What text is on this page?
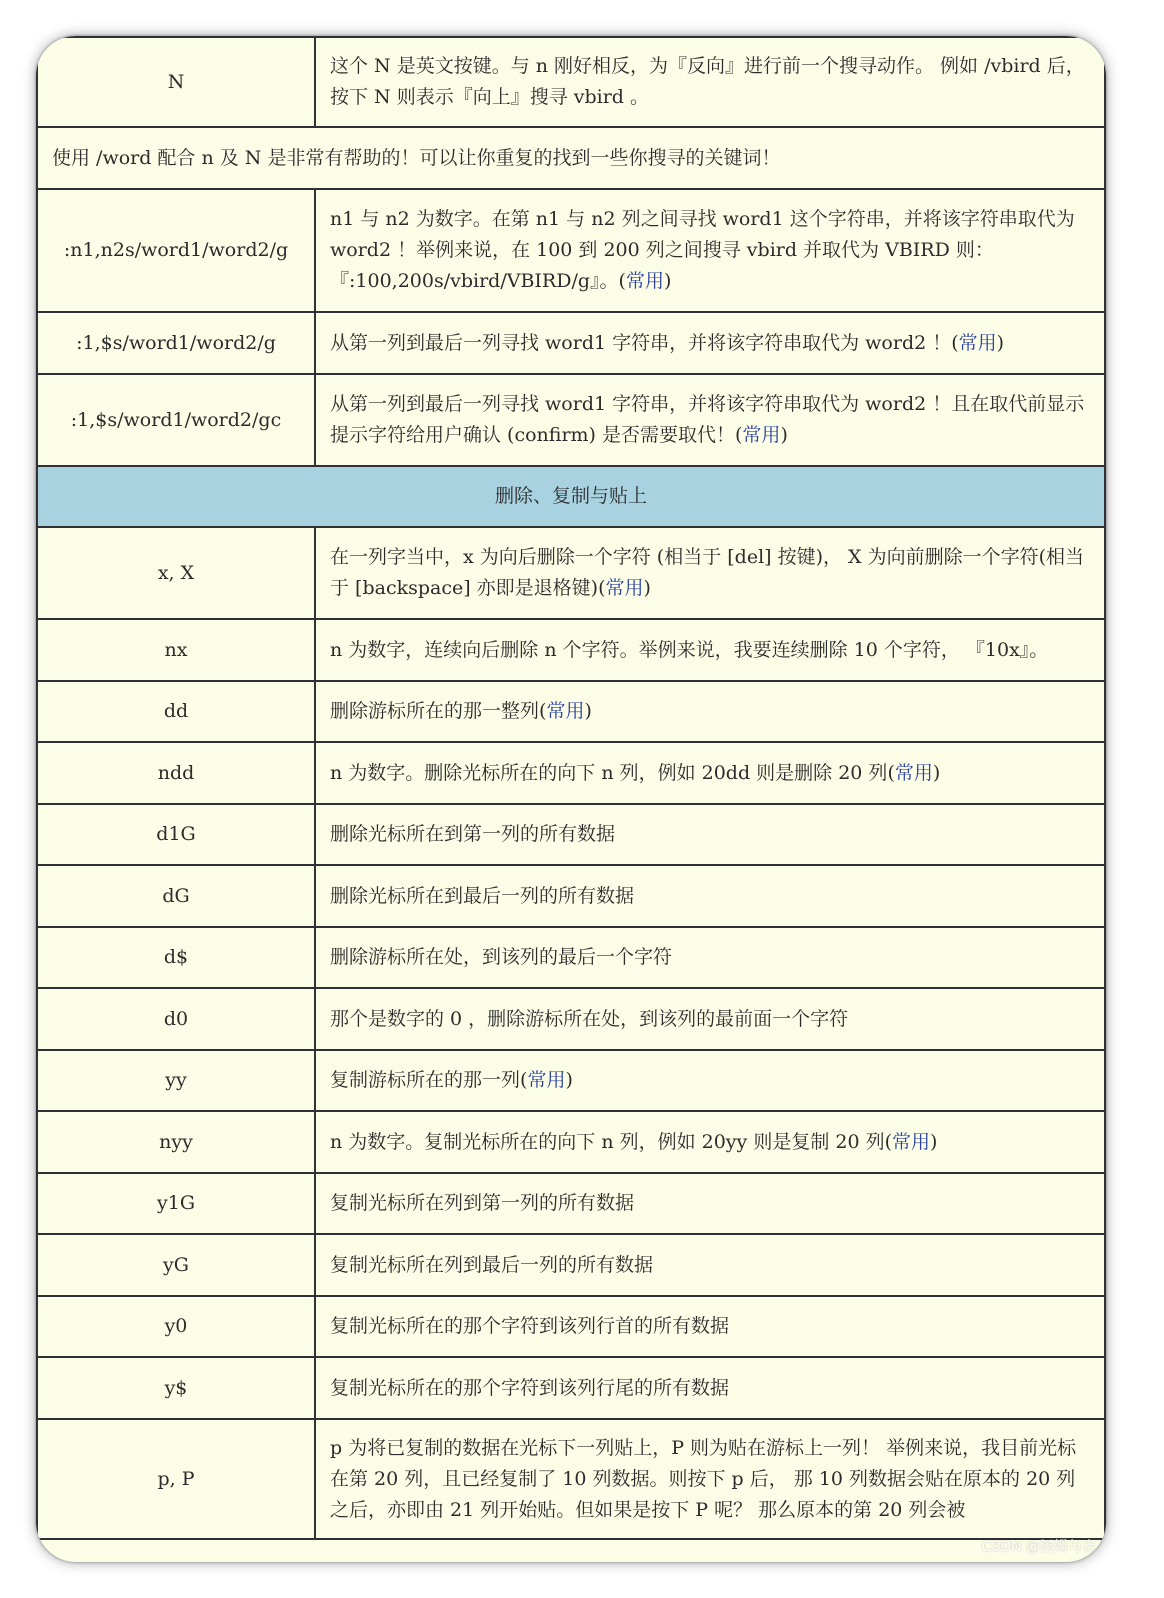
N	这个 N 是英文按键。与 n 刚好相反，为『反向』进行前一个搜寻动作。 例如 /vbird 后，按下 N 则表示『向上』搜寻 vbird 。
使用 /word 配合 n 及 N 是非常有帮助的！可以让你重复的找到一些你搜寻的关键词！	
:n1,n2s/word1/word2/g	n1 与 n2 为数字。在第 n1 与 n2 列之间寻找 word1 这个字符串，并将该字符串取代为 word2 ！举例来说，在 100 到 200 列之间搜寻 vbird 并取代为 VBIRD 则：『:100,200s/vbird/VBIRD/g』。(常用)
:1,$s/word1/word2/g	从第一列到最后一列寻找 word1 字符串，并将该字符串取代为 word2 ！(常用)
:1,$s/word1/word2/gc	从第一列到最后一列寻找 word1 字符串，并将该字符串取代为 word2 ！且在取代前显示提示字符给用户确认 (confirm) 是否需要取代！(常用)
删除、复制与贴上	
x, X	在一列字当中，x 为向后删除一个字符 (相当于 [del] 按键)， X 为向前删除一个字符(相当于 [backspace] 亦即是退格键)(常用)
nx	n 为数字，连续向后删除 n 个字符。举例来说，我要连续删除 10 个字符， 『10x』。
dd	删除游标所在的那一整列(常用)
ndd	n 为数字。删除光标所在的向下 n 列，例如 20dd 则是删除 20 列(常用)
d1G	删除光标所在到第一列的所有数据
dG	删除光标所在到最后一列的所有数据
d$	删除游标所在处，到该列的最后一个字符
d0	那个是数字的 0 ，删除游标所在处，到该列的最前面一个字符
yy	复制游标所在的那一列(常用)
nyy	n 为数字。复制光标所在的向下 n 列，例如 20yy 则是复制 20 列(常用)
y1G	复制光标所在列到第一列的所有数据
yG	复制光标所在列到最后一列的所有数据
y0	复制光标所在的那个字符到该列行首的所有数据
y$	复制光标所在的那个字符到该列行尾的所有数据
p, P	p 为将已复制的数据在光标下一列贴上，P 则为贴在游标上一列！ 举例来说，我目前光标在第 20 列，且已经复制了 10 列数据。则按下 p 后， 那 10 列数据会贴在原本的 20 列之后，亦即由 21 列开始贴。但如果是按下 P 呢？ 那么原本的第 20 列会被
CSDN @汤姆与吉
